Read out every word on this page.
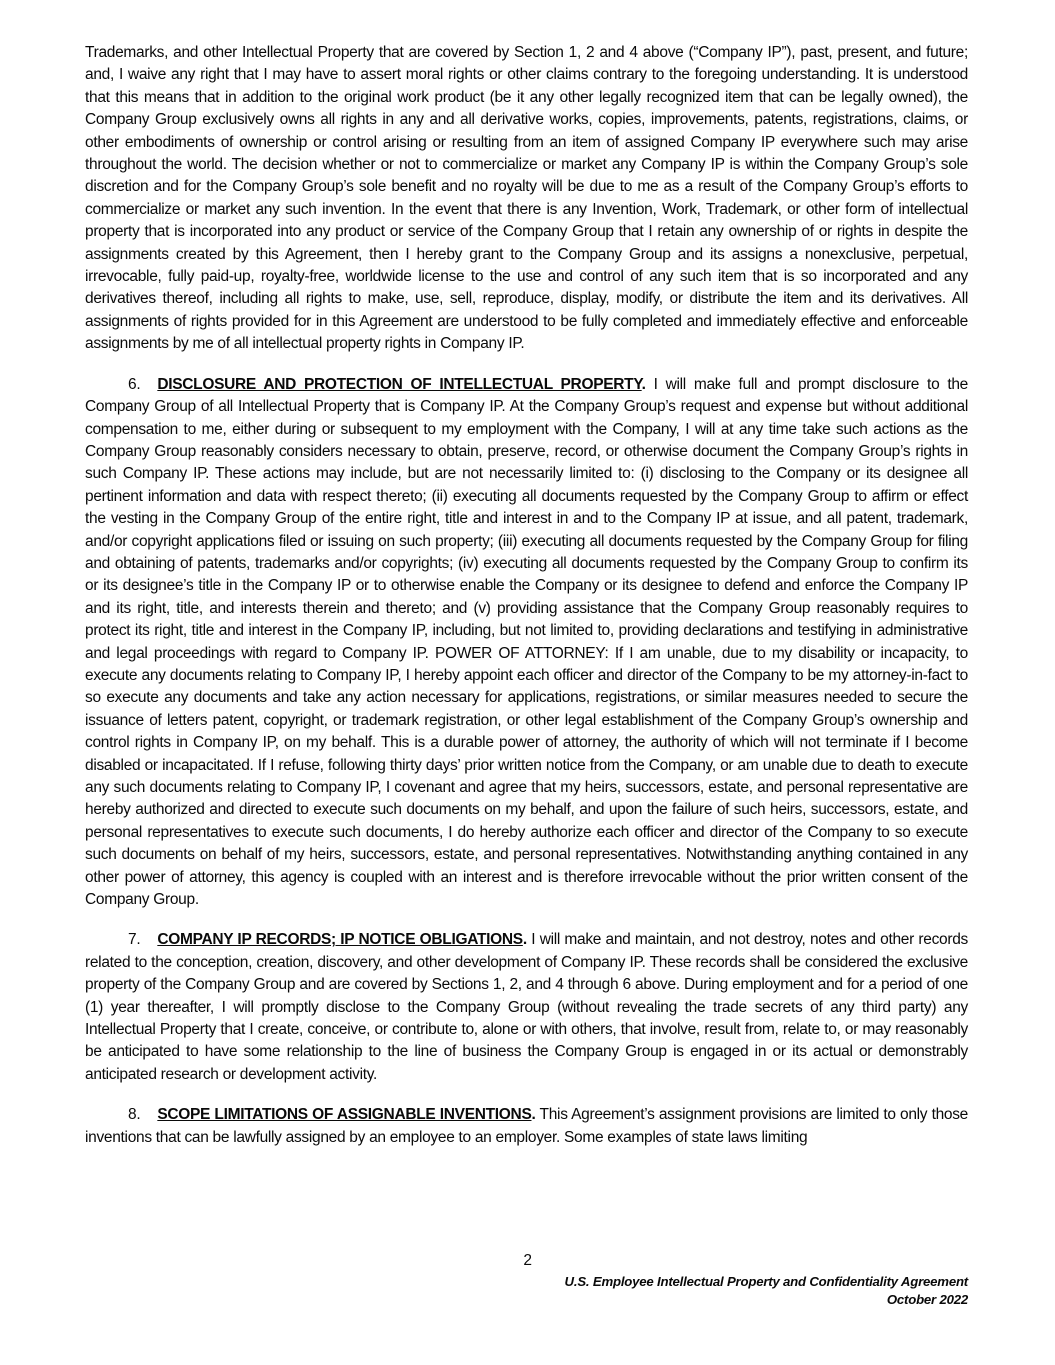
Trademarks, and other Intellectual Property that are covered by Section 1, 2 and 4 above (“Company IP”), past, present, and future; and, I waive any right that I may have to assert moral rights or other claims contrary to the foregoing understanding. It is understood that this means that in addition to the original work product (be it any other legally recognized item that can be legally owned), the Company Group exclusively owns all rights in any and all derivative works, copies, improvements, patents, registrations, claims, or other embodiments of ownership or control arising or resulting from an item of assigned Company IP everywhere such may arise throughout the world. The decision whether or not to commercialize or market any Company IP is within the Company Group’s sole discretion and for the Company Group’s sole benefit and no royalty will be due to me as a result of the Company Group’s efforts to commercialize or market any such invention. In the event that there is any Invention, Work, Trademark, or other form of intellectual property that is incorporated into any product or service of the Company Group that I retain any ownership of or rights in despite the assignments created by this Agreement, then I hereby grant to the Company Group and its assigns a nonexclusive, perpetual, irrevocable, fully paid-up, royalty-free, worldwide license to the use and control of any such item that is so incorporated and any derivatives thereof, including all rights to make, use, sell, reproduce, display, modify, or distribute the item and its derivatives. All assignments of rights provided for in this Agreement are understood to be fully completed and immediately effective and enforceable assignments by me of all intellectual property rights in Company IP.

6. DISCLOSURE AND PROTECTION OF INTELLECTUAL PROPERTY. I will make full and prompt disclosure to the Company Group of all Intellectual Property that is Company IP. At the Company Group’s request and expense but without additional compensation to me, either during or subsequent to my employment with the Company, I will at any time take such actions as the Company Group reasonably considers necessary to obtain, preserve, record, or otherwise document the Company Group’s rights in such Company IP. These actions may include, but are not necessarily limited to: (i) disclosing to the Company or its designee all pertinent information and data with respect thereto; (ii) executing all documents requested by the Company Group to affirm or effect the vesting in the Company Group of the entire right, title and interest in and to the Company IP at issue, and all patent, trademark, and/or copyright applications filed or issuing on such property; (iii) executing all documents requested by the Company Group for filing and obtaining of patents, trademarks and/or copyrights; (iv) executing all documents requested by the Company Group to confirm its or its designee’s title in the Company IP or to otherwise enable the Company or its designee to defend and enforce the Company IP and its right, title, and interests therein and thereto; and (v) providing assistance that the Company Group reasonably requires to protect its right, title and interest in the Company IP, including, but not limited to, providing declarations and testifying in administrative and legal proceedings with regard to Company IP. POWER OF ATTORNEY: If I am unable, due to my disability or incapacity, to execute any documents relating to Company IP, I hereby appoint each officer and director of the Company to be my attorney-in-fact to so execute any documents and take any action necessary for applications, registrations, or similar measures needed to secure the issuance of letters patent, copyright, or trademark registration, or other legal establishment of the Company Group’s ownership and control rights in Company IP, on my behalf. This is a durable power of attorney, the authority of which will not terminate if I become disabled or incapacitated. If I refuse, following thirty days’ prior written notice from the Company, or am unable due to death to execute any such documents relating to Company IP, I covenant and agree that my heirs, successors, estate, and personal representative are hereby authorized and directed to execute such documents on my behalf, and upon the failure of such heirs, successors, estate, and personal representatives to execute such documents, I do hereby authorize each officer and director of the Company to so execute such documents on behalf of my heirs, successors, estate, and personal representatives. Notwithstanding anything contained in any other power of attorney, this agency is coupled with an interest and is therefore irrevocable without the prior written consent of the Company Group.

7. COMPANY IP RECORDS; IP NOTICE OBLIGATIONS. I will make and maintain, and not destroy, notes and other records related to the conception, creation, discovery, and other development of Company IP. These records shall be considered the exclusive property of the Company Group and are covered by Sections 1, 2, and 4 through 6 above. During employment and for a period of one (1) year thereafter, I will promptly disclose to the Company Group (without revealing the trade secrets of any third party) any Intellectual Property that I create, conceive, or contribute to, alone or with others, that involve, result from, relate to, or may reasonably be anticipated to have some relationship to the line of business the Company Group is engaged in or its actual or demonstrably anticipated research or development activity.

8. SCOPE LIMITATIONS OF ASSIGNABLE INVENTIONS. This Agreement’s assignment provisions are limited to only those inventions that can be lawfully assigned by an employee to an employer. Some examples of state laws limiting

2
U.S. Employee Intellectual Property and Confidentiality Agreement
October 2022
